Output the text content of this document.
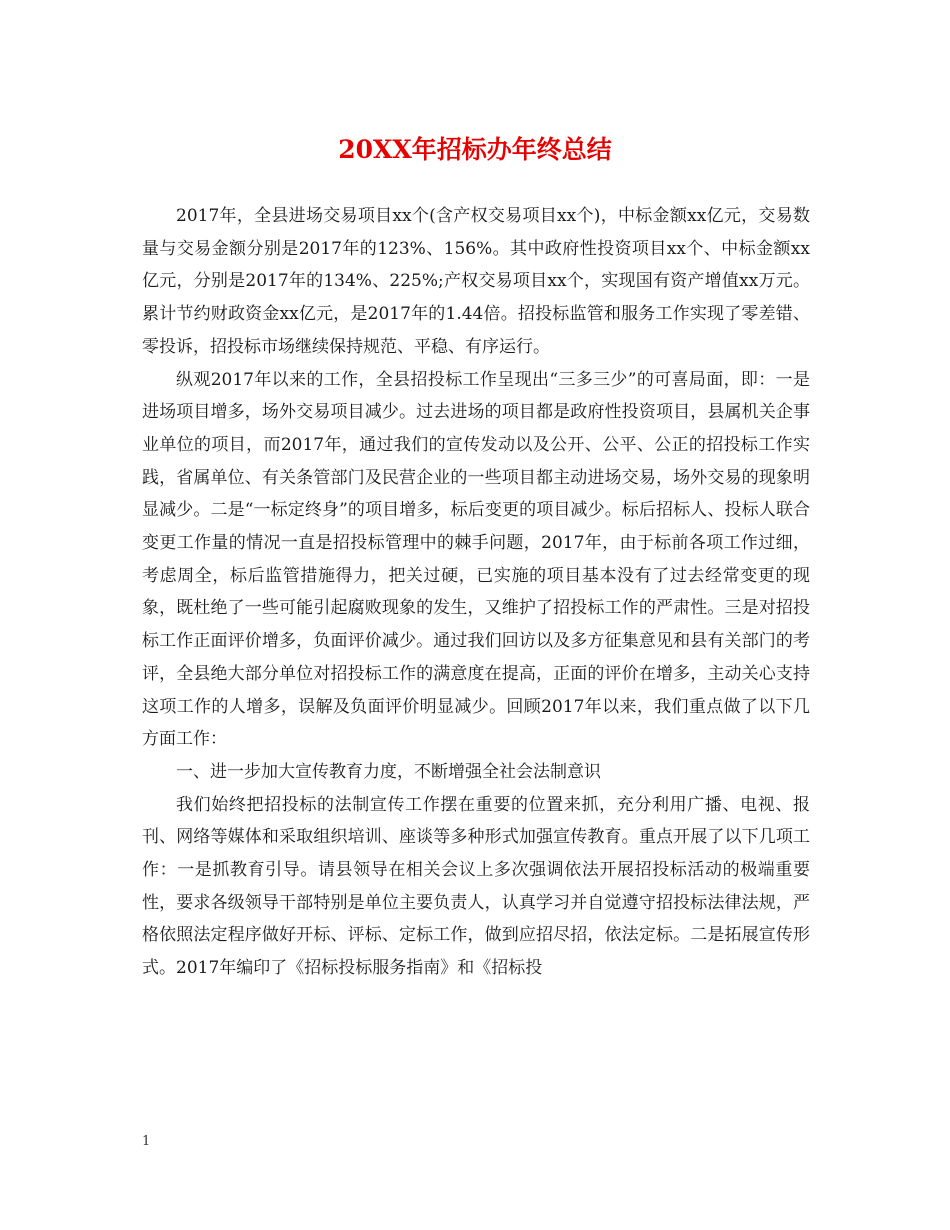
20XX年招标办年终总结

2017年，全县进场交易项目xx个(含产权交易项目xx个)，中标金额xx亿元，交易数量与交易金额分别是2017年的123%、156%。其中政府性投资项目xx个、中标金额xx亿元，分别是2017年的134%、225%;产权交易项目xx个，实现国有资产增值xx万元。累计节约财政资金xx亿元，是2017年的1.44倍。招投标监管和服务工作实现了零差错、零投诉，招投标市场继续保持规范、平稳、有序运行。

纵观2017年以来的工作，全县招投标工作呈现出“三多三少”的可喜局面，即：一是进场项目增多，场外交易项目减少。过去进场的项目都是政府性投资项目，县属机关企事业单位的项目，而2017年，通过我们的宣传发动以及公开、公平、公正的招投标工作实践，省属单位、有关条管部门及民营企业的一些项目都主动进场交易，场外交易的现象明显减少。二是“一标定终身”的项目增多，标后变更的项目减少。标后招标人、投标人联合变更工作量的情况一直是招投标管理中的棘手问题，2017年，由于标前各项工作过细，考虑周全，标后监管措施得力，把关过硬，已实施的项目基本没有了过去经常变更的现象，既杜绝了一些可能引起腐败现象的发生，又维护了招投标工作的严肃性。三是对招投标工作正面评价增多，负面评价减少。通过我们回访以及多方征集意见和县有关部门的考评，全县绝大部分单位对招投标工作的满意度在提高，正面的评价在增多，主动关心支持这项工作的人增多，误解及负面评价明显减少。回顾2017年以来，我们重点做了以下几方面工作：

一、进一步加大宣传教育力度，不断增强全社会法制意识

我们始终把招投标的法制宣传工作摆在重要的位置来抓，充分利用广播、电视、报刊、网络等媒体和采取组织培训、座谈等多种形式加强宣传教育。重点开展了以下几项工作：一是抓教育引导。请县领导在相关会议上多次强调依法开展招投标活动的极端重要性，要求各级领导干部特别是单位主要负责人，认真学习并自觉遵守招投标法律法规，严格依照法定程序做好开标、评标、定标工作，做到应招尽招，依法定标。二是拓展宣传形式。2017年编印了《招标投标服务指南》和《招标投

1
